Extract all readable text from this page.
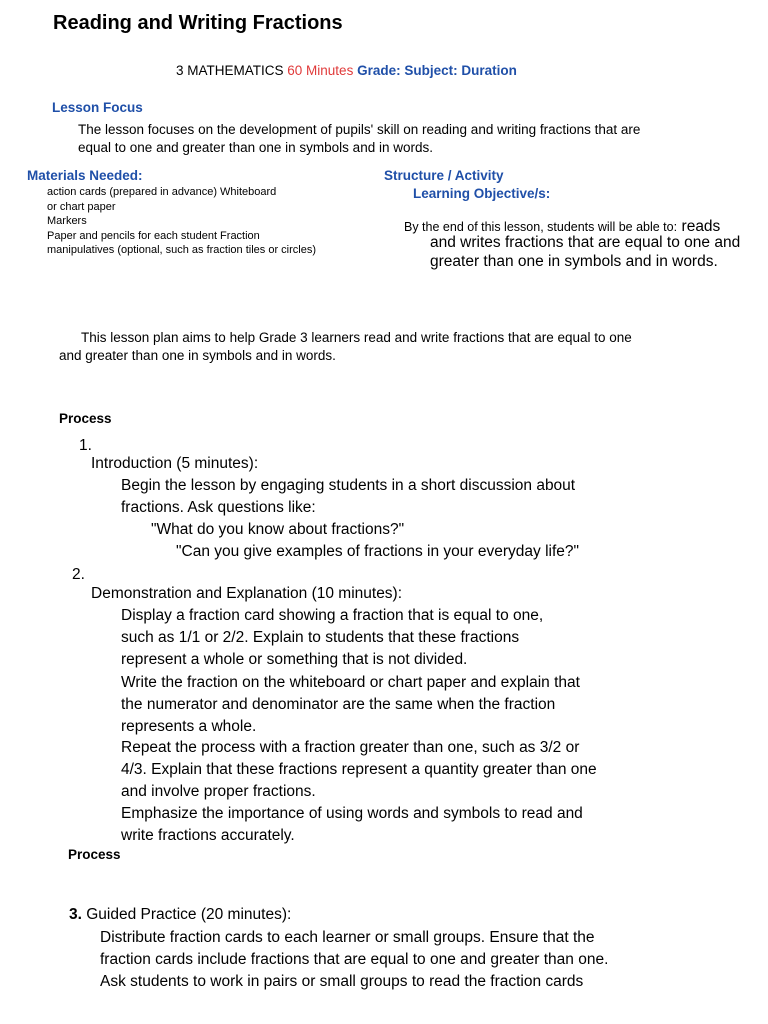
Reading and Writing Fractions
3 MATHEMATICS 60 Minutes Grade: Subject: Duration
Lesson Focus
The lesson focuses on the development of pupils' skill on reading and writing fractions that are
equal to one and greater than one in symbols and in words.
Materials Needed:
action cards (prepared in advance) Whiteboard
or chart paper
Markers
Paper and pencils for each student Fraction
manipulatives (optional, such as fraction tiles or circles)
Structure / Activity
Learning Objective/s:
By the end of this lesson, students will be able to: reads
and writes fractions that are equal to one and
greater than one in symbols and in words.
This lesson plan aims to help Grade 3 learners read and write fractions that are equal to one
and greater than one in symbols and in words.
Process
1.
Introduction (5 minutes):
Begin the lesson by engaging students in a short discussion about
fractions. Ask questions like:
"What do you know about fractions?"
"Can you give examples of fractions in your everyday life?"
2.
Demonstration and Explanation (10 minutes):
Display a fraction card showing a fraction that is equal to one,
such as 1/1 or 2/2. Explain to students that these fractions
represent a whole or something that is not divided.
Write the fraction on the whiteboard or chart paper and explain that
the numerator and denominator are the same when the fraction
represents a whole.
Repeat the process with a fraction greater than one, such as 3/2 or
4/3. Explain that these fractions represent a quantity greater than one
and involve proper fractions.
Emphasize the importance of using words and symbols to read and
write fractions accurately.
Process
3. Guided Practice (20 minutes):
Distribute fraction cards to each learner or small groups. Ensure that the
fraction cards include fractions that are equal to one and greater than one.
Ask students to work in pairs or small groups to read the fraction cards
